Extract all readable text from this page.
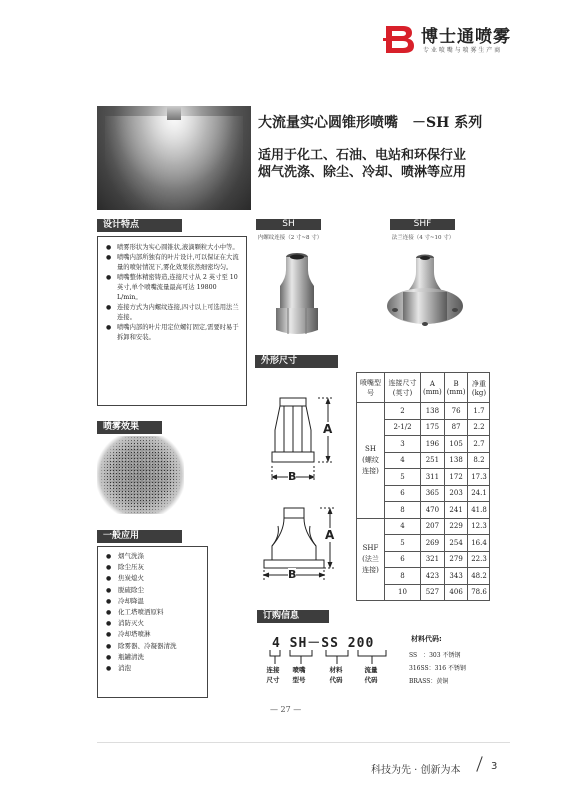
博士通喷雾
专 业 喷 嘴 与 喷 雾 生 产 商
大流量实心圆锥形喷嘴　－SH 系列
适用于化工、石油、电站和环保行业
烟气洗涤、除尘、冷却、喷淋等应用
设计特点
● 喷雾形状为实心圆锥状,液滴颗粒大小中等。
● 喷嘴内部所独有的叶片设计,可以保证在大流量的喷射情况下,雾化效果依然细密均匀。
● 喷嘴整体精密铸造,连接尺寸从 2 英寸至 10 英寸,单个喷嘴流量最高可达 19800 L/min。
● 连接方式为内螺纹连接,四寸以上可选用法兰连接。
● 喷嘴内部的叶片用定位螺钉固定,需要时易于拆卸和安装。
喷雾效果
一般应用
● 烟气洗涤
● 除尘压灰
● 焦炭熄火
● 脱硫除尘
● 冷却降温
● 化工塔喷洒原料
● 消防灭火
● 冷却塔喷淋
● 除雾器、冷凝器清洗
● 瓶罐清洗
● 消泡
SH
内螺纹连接（2 寸~8 寸）
SHF
法兰连接（4 寸~10 寸）
外形尺寸
A
B
A
B
喷嘴型号	连接尺寸(英寸)	A (mm)	B (mm)	净重 (kg)
SH
(螺纹连接)	2	138	76	1.7
	2-1/2	175	87	2.2
	3	196	105	2.7
	4	251	138	8.2
	5	311	172	17.3
	6	365	203	24.1
	8	470	241	41.8
SHF
(法兰连接)	4	207	229	12.3
	5	269	254	16.4
	6	321	279	22.3
	8	423	343	48.2
	10	527	406	78.6
订购信息
4 SH－SS 200
连接
尺寸
喷嘴
型号
材料
代码
流量
代码
材料代码:
SS　：303 不锈钢
316SS：316 不锈钢
BRASS：黄铜
— 27 —
科技为先 · 创新为本	3
